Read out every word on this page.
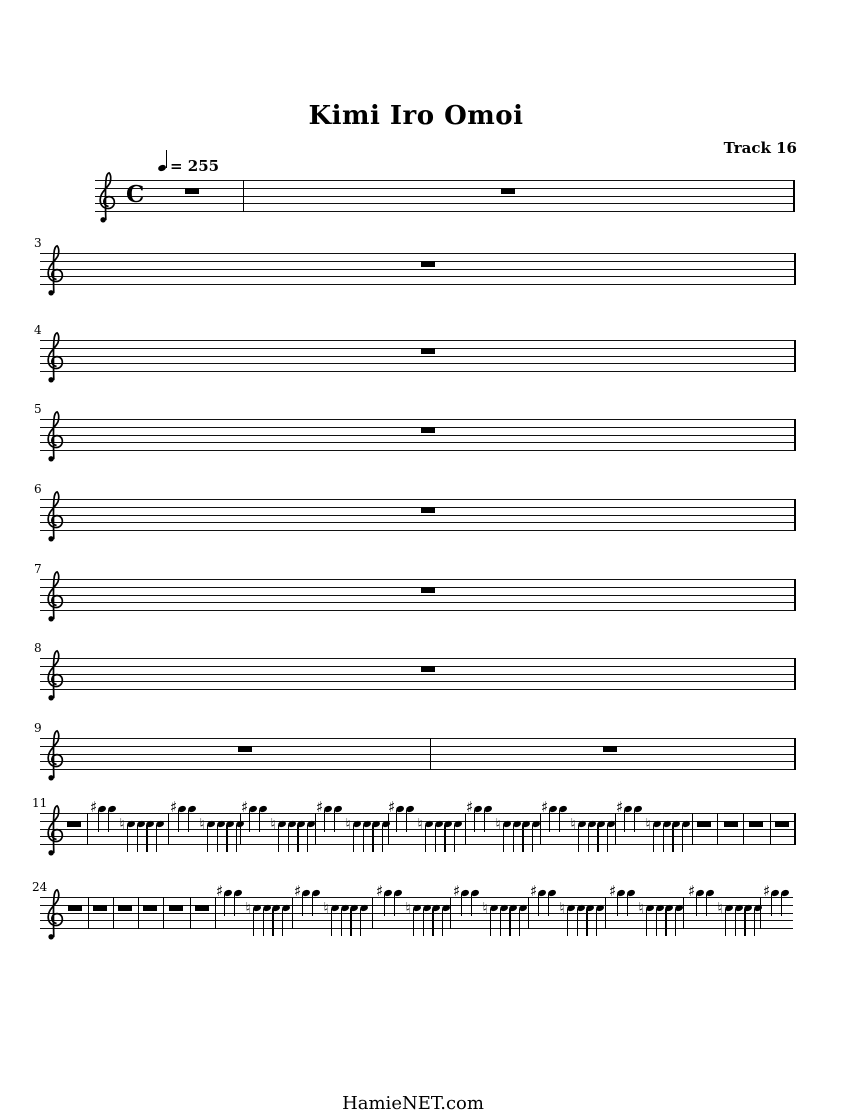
Kimi Iro Omoi
Track 16
C
= 255
3
4
5
6
7
8
9
11	♯
♮
♯
♮
♯
♮
♯
♮
♯
♮
♯
♮
♯
♮
♯
♮
24	♯
♮
♯
♮
♯
♮
♯
♮
♯
♮
♯
♮
♯
♮
♯
HamieNET.com
